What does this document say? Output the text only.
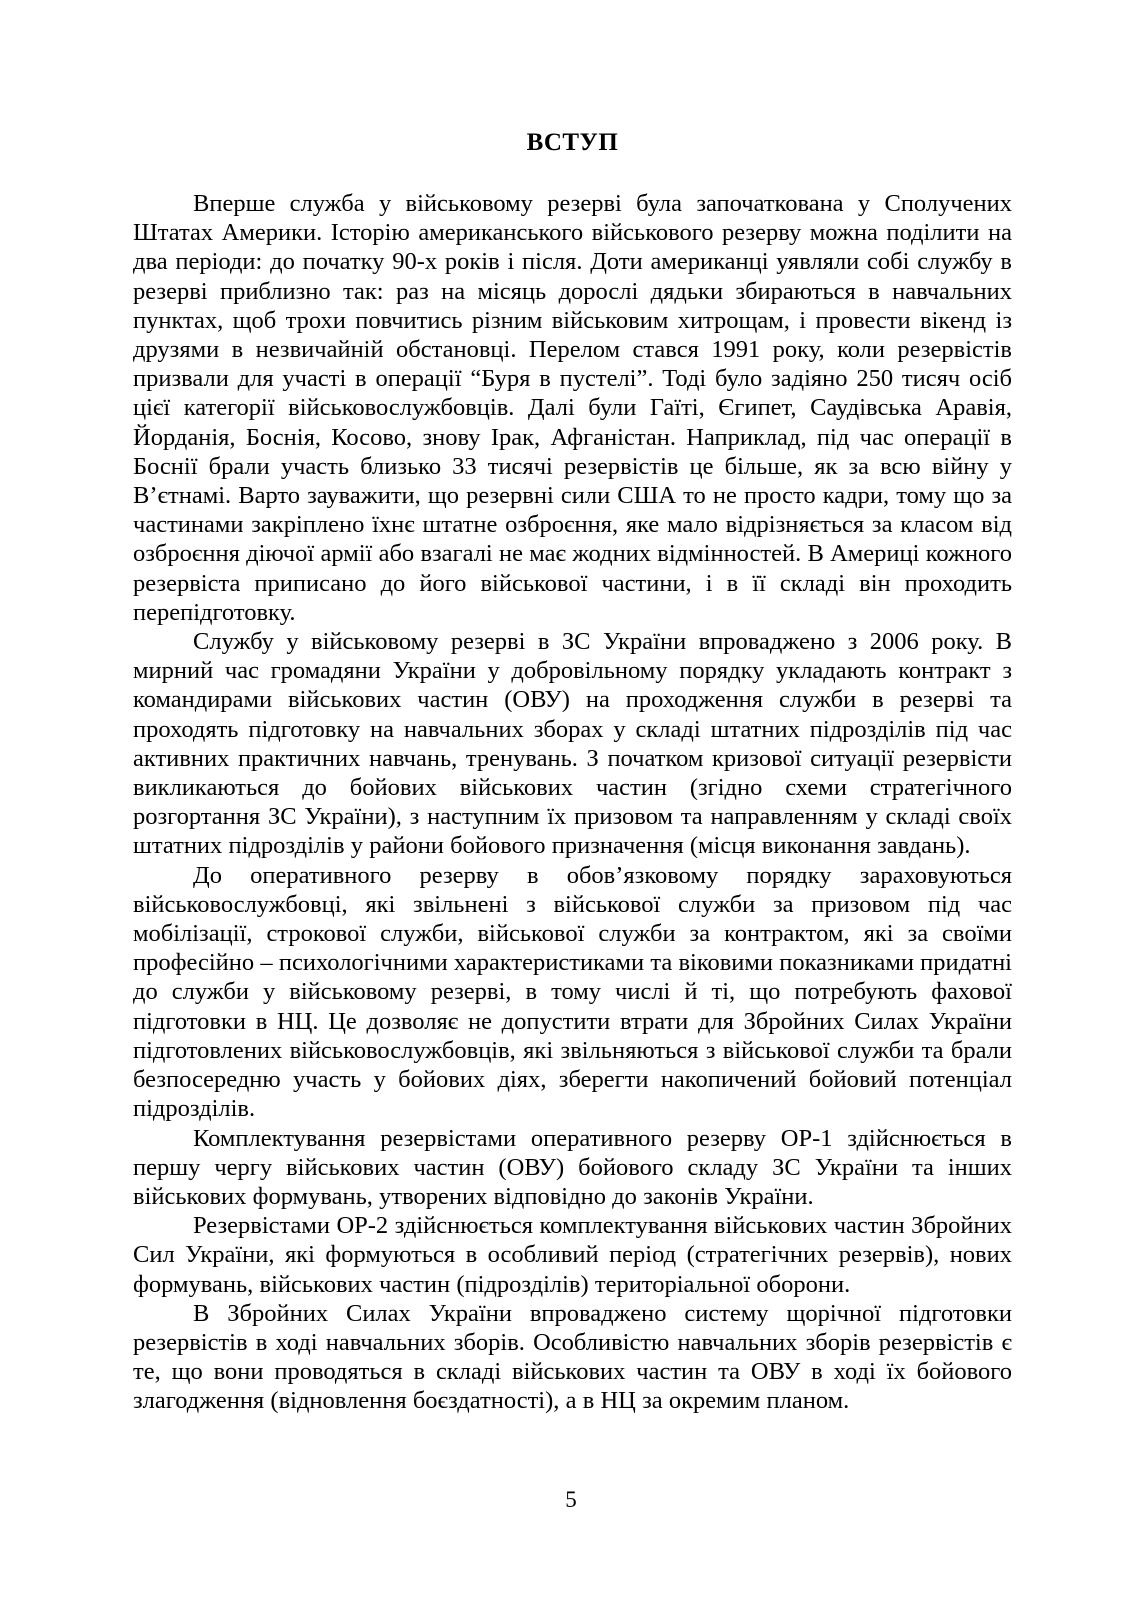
ВСТУП

Вперше служба у військовому резерві була започаткована у Сполучених Штатах Америки. Історію американського військового резерву можна поділити на два періоди: до початку 90-х років і після. Доти американці уявляли собі службу в резерві приблизно так: раз на місяць дорослі дядьки збираються в навчальних пунктах, щоб трохи повчитись різним військовим хитрощам, і провести вікенд із друзями в незвичайній обстановці. Перелом стався 1991 року, коли резервістів призвали для участі в операції “Буря в пустелі”. Тоді було задіяно 250 тисяч осіб цієї категорії військовослужбовців. Далі були Гаїті, Єгипет, Саудівська Аравія, Йорданія, Боснія, Косово, знову Ірак, Афганістан. Наприклад, під час операції в Боснії брали участь близько 33 тисячі резервістів це більше, як за всю війну у В’єтнамі. Варто зауважити, що резервні сили США то не просто кадри, тому що за частинами закріплено їхнє штатне озброєння, яке мало відрізняється за класом від озброєння діючої армії або взагалі не має жодних відмінностей. В Америці кожного резервіста приписано до його військової частини, і в її складі він проходить перепідготовку.

Службу у військовому резерві в ЗС України впроваджено з 2006 року. В мирний час громадяни України у добровільному порядку укладають контракт з командирами військових частин (ОВУ) на проходження служби в резерві та проходять підготовку на навчальних зборах у складі штатних підрозділів під час активних практичних навчань, тренувань. З початком кризової ситуації резервісти викликаються до бойових військових частин (згідно схеми стратегічного розгортання ЗС України), з наступним їх призовом та направленням у складі своїх штатних підрозділів у райони бойового призначення (місця виконання завдань).

До оперативного резерву в обов’язковому порядку зараховуються військовослужбовці, які звільнені з військової служби за призовом під час мобілізації, строкової служби, військової служби за контрактом, які за своїми професійно – психологічними характеристиками та віковими показниками придатні до служби у військовому резерві, в тому числі й ті, що потребують фахової підготовки в НЦ. Це дозволяє не допустити втрати для Збройних Силах України підготовлених військовослужбовців, які звільняються з військової служби та брали безпосередню участь у бойових діях, зберегти накопичений бойовий потенціал підрозділів.

Комплектування резервістами оперативного резерву ОР-1 здійснюється в першу чергу військових частин (ОВУ) бойового складу ЗС України та інших військових формувань, утворених відповідно до законів України.

Резервістами ОР-2 здійснюється комплектування військових частин Збройних Сил України, які формуються в особливий період (стратегічних резервів), нових формувань, військових частин (підрозділів) територіальної оборони.

В Збройних Силах України впроваджено систему щорічної підготовки резервістів в ході навчальних зборів. Особливістю навчальних зборів резервістів є те, що вони проводяться в складі військових частин та ОВУ в ході їх бойового злагодження (відновлення боєздатності), а в НЦ за окремим планом.

5
